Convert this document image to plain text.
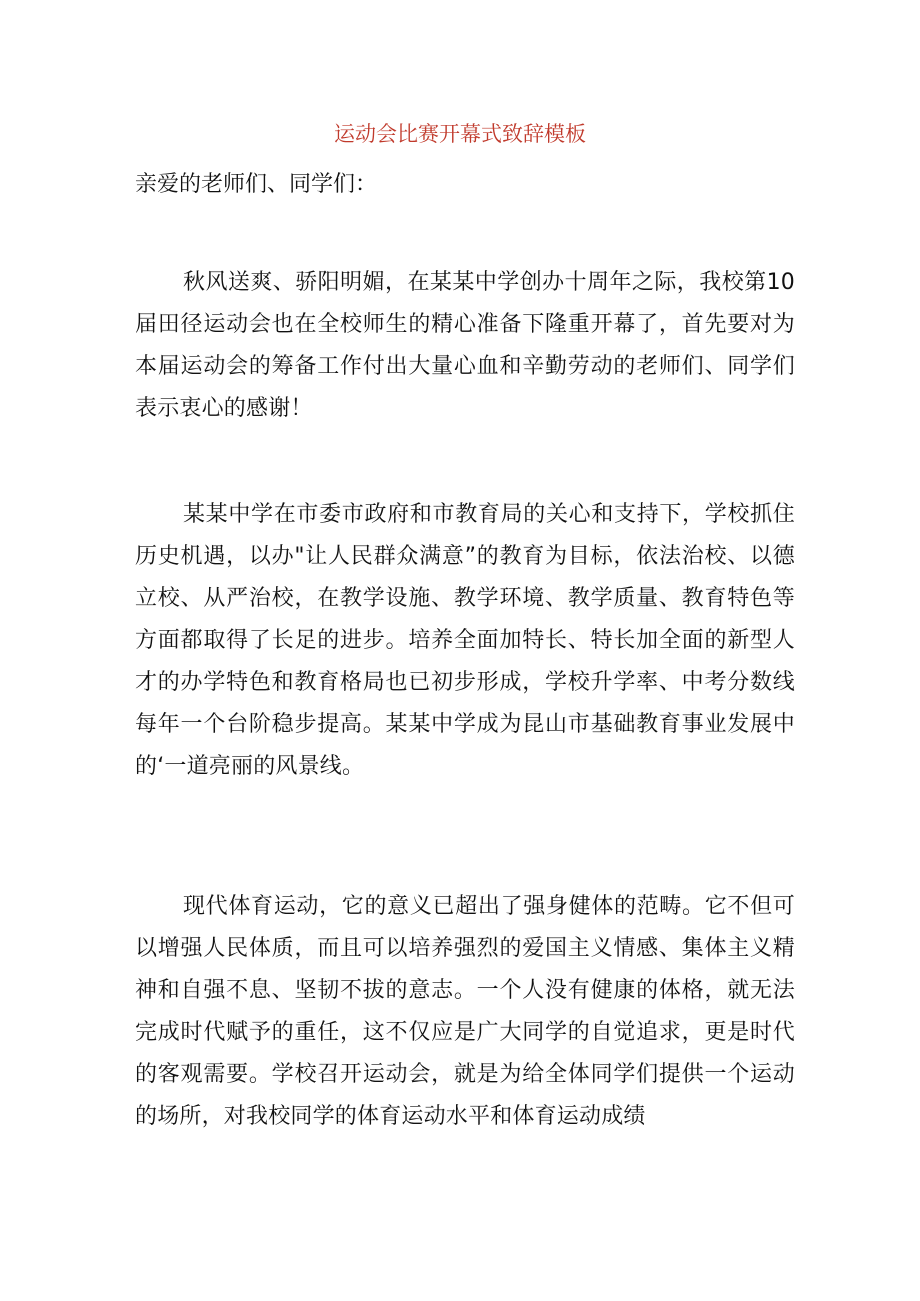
运动会比赛开幕式致辞模板

亲爱的老师们、同学们：

秋风送爽、骄阳明媚，在某某中学创办十周年之际，我校第10届田径运动会也在全校师生的精心准备下隆重开幕了，首先要对为本届运动会的筹备工作付出大量心血和辛勤劳动的老师们、同学们表示衷心的感谢！

某某中学在市委市政府和市教育局的关心和支持下，学校抓住历史机遇，以办"让人民群众满意”的教育为目标，依法治校、以德立校、从严治校，在教学设施、教学环境、教学质量、教育特色等方面都取得了长足的进步。培养全面加特长、特长加全面的新型人才的办学特色和教育格局也已初步形成，学校升学率、中考分数线每年一个台阶稳步提高。某某中学成为昆山市基础教育事业发展中的‘一道亮丽的风景线。

现代体育运动，它的意义已超出了强身健体的范畴。它不但可以增强人民体质，而且可以培养强烈的爱国主义情感、集体主义精神和自强不息、坚韧不拔的意志。一个人没有健康的体格，就无法完成时代赋予的重任，这不仅应是广大同学的自觉追求，更是时代的客观需要。学校召开运动会，就是为给全体同学们提供一个运动的场所，对我校同学的体育运动水平和体育运动成绩
